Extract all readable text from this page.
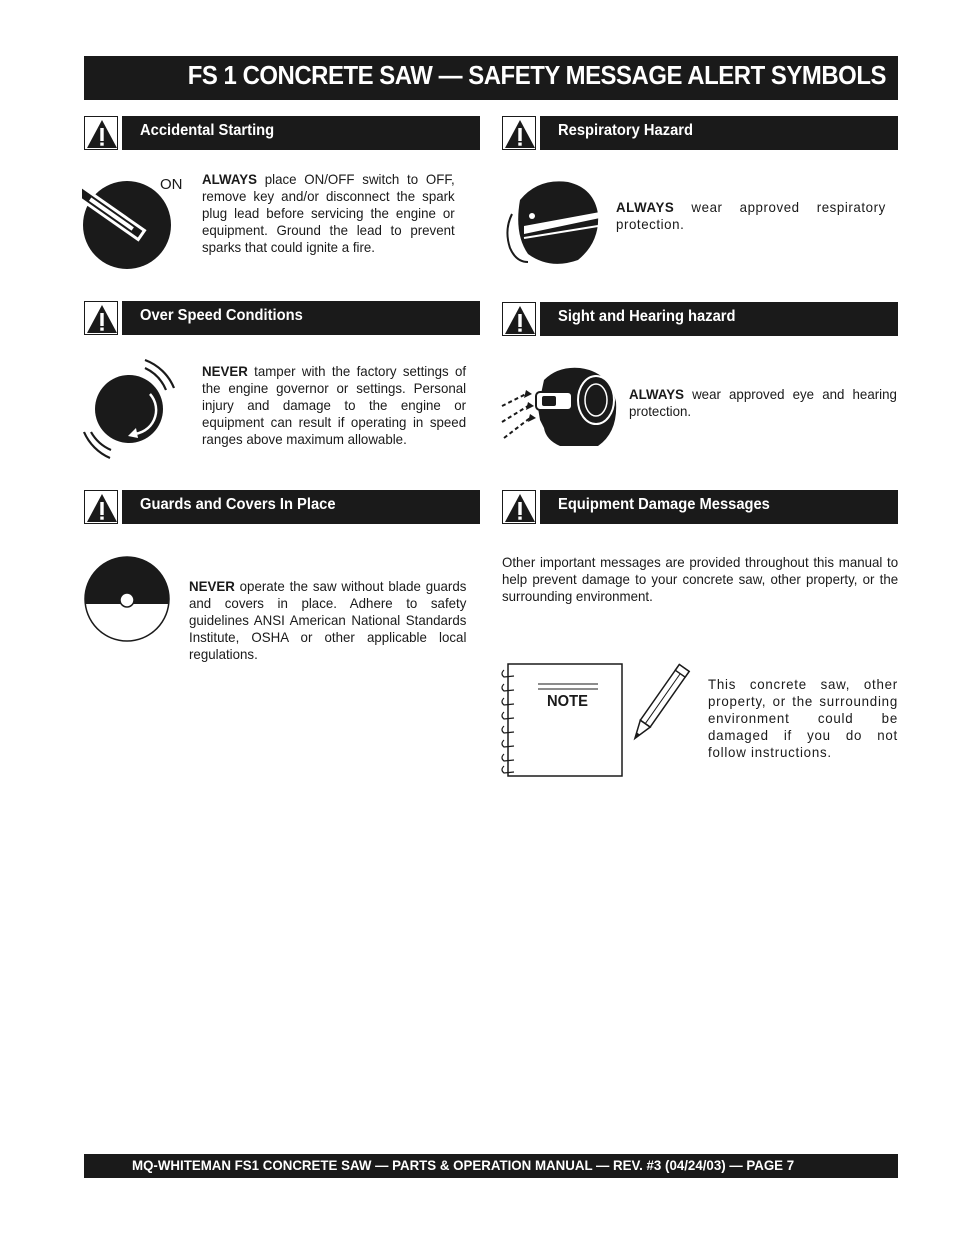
FS 1 CONCRETE SAW — SAFETY MESSAGE ALERT SYMBOLS
Accidental Starting
ON ALWAYS place ON/OFF switch to OFF, remove key and/or disconnect the spark plug lead before servicing the engine or equipment. Ground the lead to prevent sparks that could ignite a fire.
Over Speed Conditions
NEVER tamper with the factory settings of the engine governor or settings. Personal injury and damage to the engine or equipment can result if operating in speed ranges above maximum allowable.
Guards and Covers In Place
NEVER operate the saw without blade guards and covers in place. Adhere to safety guidelines ANSI American National Standards Institute, OSHA or other applicable local regulations.
Respiratory Hazard
ALWAYS wear approved respiratory protection.
Sight and Hearing hazard
ALWAYS wear approved eye and hearing protection.
Equipment Damage Messages
Other important messages are provided throughout this manual to help prevent damage to your concrete saw, other property, or the surrounding environment.
NOTE
This concrete saw, other property, or the surrounding environment could be damaged if you do not follow instructions.
MQ-WHITEMAN FS1 CONCRETE SAW — PARTS & OPERATION MANUAL — REV. #3 (04/24/03) — PAGE 7
